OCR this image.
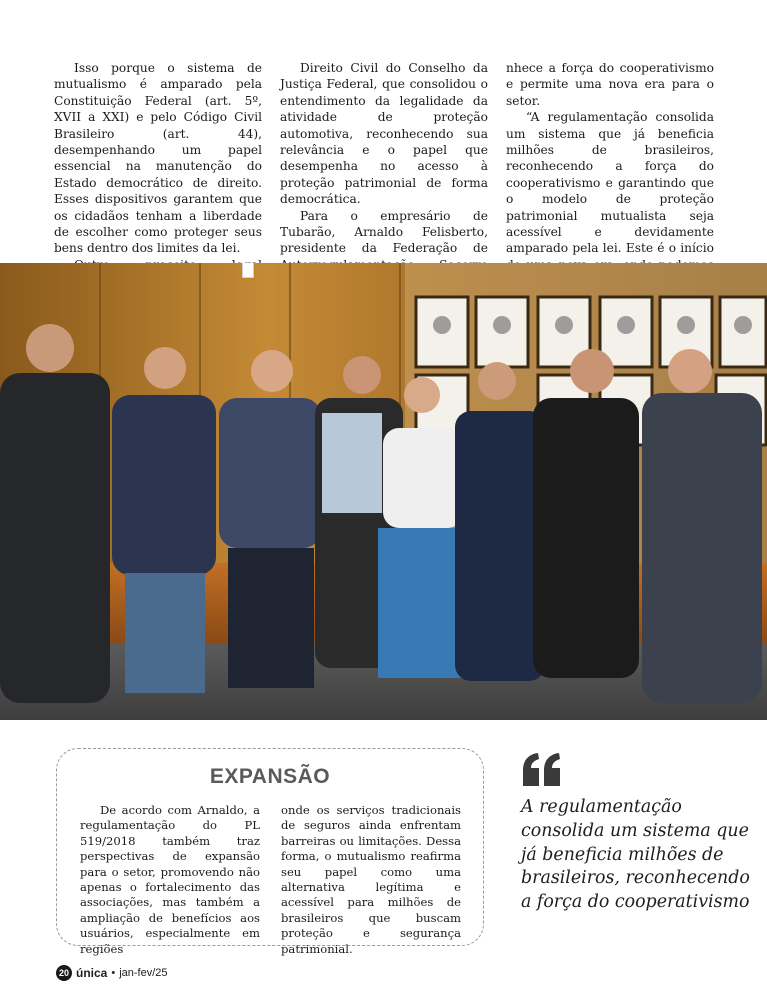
Isso porque o sistema de mutualismo é amparado pela Constituição Federal (art. 5º, XVII a XXI) e pelo Código Civil Brasileiro (art. 44), desempenhando um papel essencial na manutenção do Estado democrático de direito. Esses dispositivos garantem que os cidadãos tenham a liberdade de escolher como proteger seus bens dentro dos limites da lei.

Direito Civil do Conselho da Justiça Federal, que consolidou o entendimento da legalidade da atividade de proteção automotiva, reconhecendo sua relevância e o papel que desempenha no acesso à proteção patrimonial de forma democrática.

Para o empresário de Tubarão, Arnaldo Felisberto, presidente da Federação de

nhece a força do cooperativismo e permite uma nova era para o setor.

“A regulamentação consolida um sistema que já beneficia milhões de brasileiros, reconhecendo a força do cooperativismo e garantindo que o modelo de proteção patrimonial mutualista seja acessível e devidamente amparado pela lei. Este é o início

EXPANSÃO

De acordo com Arnaldo, a regulamentação do PL 519/2018 também traz perspectivas de expansão para o setor, promovendo não apenas o fortalecimento das associações, mas também a ampliação de benefícios aos usuários, especialmente em regiões

onde os serviços tradicionais de seguros ainda enfrentam barreiras ou limitações. Dessa forma, o mutualismo reafirma seu papel como uma alternativa legítima e acessível para milhões de brasileiros que buscam proteção e segurança patrimonial.

A regulamentação consolida um sistema que já beneficia milhões de brasileiros, reconhecendo a força do cooperativismo

20 única • jan-fev/25
